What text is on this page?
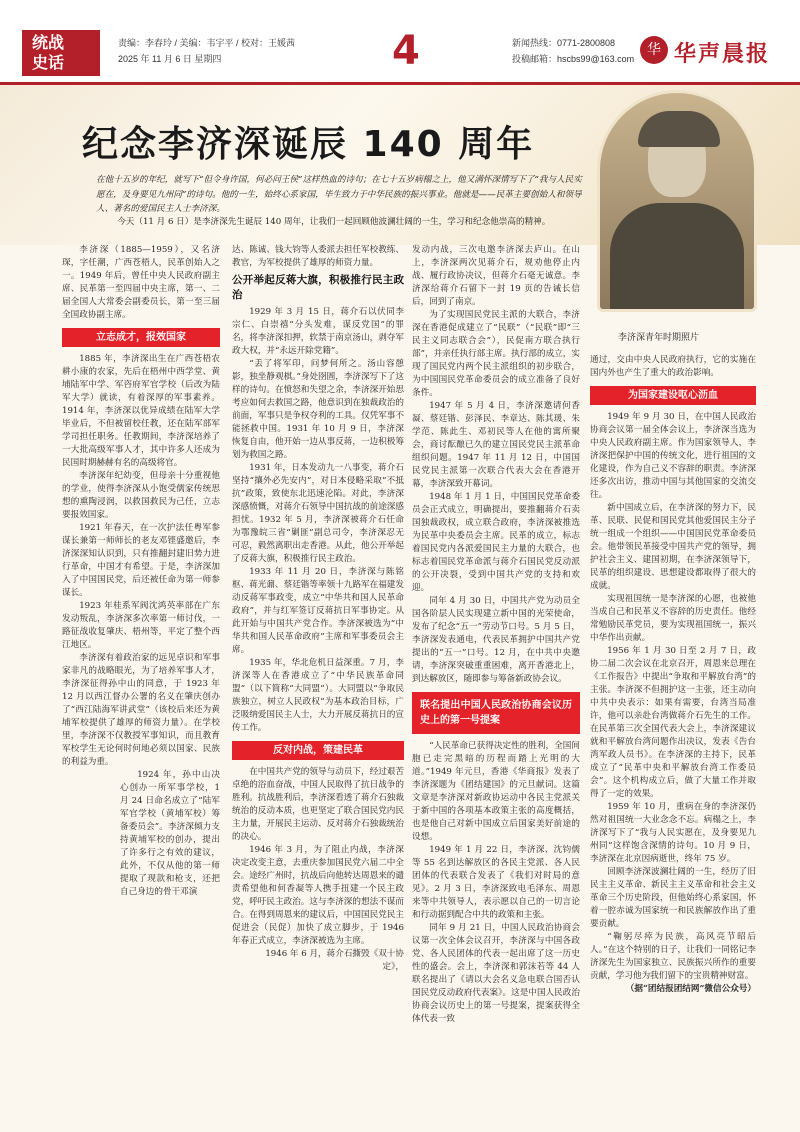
统战
史话
责编：李春玲 / 美编：韦宇平 / 校对：王媛茜
2025 年 11 月 6 日 星期四	4	新闻热线：0771-2800808
投稿邮箱：hscbs99@163.com
华 华声晨报
纪念李济深诞辰 140 周年
在他十五岁的年纪，就写下“但令身许国，何必问王侯”这样热血的诗句；在七十五岁病榻之上，他又满怀深情写下了“我与人民实愿在，及身要见九州同”的诗句。他的一生，始终心系家国，毕生致力于中华民族的振兴事业。他就是——民革主要创始人和领导人、著名的爱国民主人士李济深。
今天（11 月 6 日）是李济深先生诞辰 140 周年，让我们一起回顾他波澜壮阔的一生，学习和纪念他崇高的精神。
李济深青年时期照片

李济深（1885—1959），又名济琛，字任潮，广西苍梧人，民革创始人之一。1949 年后，曾任中央人民政府副主席、民革第一至四届中央主席，第一、二届全国人大常委会副委员长，第一至三届全国政协副主席。

立志成才，报效国家

1885 年，李济深出生在广西苍梧农耕小康的农家，先后在梧州中西学堂、黄埔陆军中学、军咨府军官学校（后改为陆军大学）就读，有着深厚的军事素养。1914 年，李济深以优异成绩在陆军大学毕业后，不但被留校任教，还在陆军部军学司担任职务。任教期间，李济深培养了一大批高级军事人才，其中许多人还成为民国时期赫赫有名的高级将官。

李济深年纪幼变，但母亲十分重视他的学业，使得李济深从小饱受儒家传统思想的熏陶浸润，以救国救民为己任，立志要报效国家。

1921 年春天，在一次护法任粤军参谋长兼第一师师长的老友邓铿盛邀后，李济深深知认识到，只有推翻封建旧势力进行革命，中国才有希望。于是，李济深加入了中国国民党，后还被任命为第一师参谋长。

1923 年桂系军阀沈鸿英率部在广东发动叛乱，李济深多次率第一师讨伐，一路征战收复肇庆、梧州等，平定了整个西江地区。

李济深有着政治家的远见卓识和军事家非凡的战略眼光，为了培养军事人才，李济深征得孙中山的同意，于 1923 年 12 月以西江督办公署的名义在肇庆创办了“西江陆海军讲武堂”（该校后来还为黄埔军校提供了雄厚的师资力量）。在学校里，李济深不仅教授军事知识，而且教育军校学生无论何时何地必须以国家、民族的利益为重。

1924 年，孙中山决心创办一所军事学校，1 月 24 日命名成立了“陆军军官学校（黄埔军校）筹备委员会”。李济深倾力支持黄埔军校的创办，提出了许多行之有效的建议，此外，不仅从他的第一师提取了现款和枪支，还把自己身边的骨干邓演

达、陈诚、钱大钧等人委派去担任军校教练、教官，为军校提供了雄厚的师资力量。

公开举起反蒋大旗，积极推行民主政治

1929 年 3 月 15 日，蒋介石以伏同李宗仁、白崇禧“分头发难，谋反党国”的罪名，将李济深扣押，软禁于南京汤山，剥夺军政大权，并“永远开除党籍”。

“丢了将军印，问梦何所之。汤山容憩影，独坐静观棋。”身处囹圄，李济深写下了这样的诗句。在愤怒和失望之余，李济深开始思考应如何去救国之路，他意识到在独裁政治的前面，军事只是争权夺利的工具。仅凭军事不能拯救中国。1931 年 10 月 9 日，李济深恢复自由，他开始一边从事反蒋，一边积极筹划为救国之路。

1931 年，日本发动九一八事变，蒋介石坚持“攘外必先安内”，对日本侵略采取“不抵抗”政策，致使东北迅速沦陷。对此，李济深深感愤慨，对蒋介石领导中国抗战的前途深感担忧。1932 年 5 月，李济深被蒋介石任命为鄂豫皖三省“剿匪”副总司令，李济深忍无可忍，毅然离职出走香港。从此，他公开举起了反蒋大旗，积极推行民主政治。

1933 年 11 月 20 日，李济深与陈铭枢、蒋光鼐、蔡廷锴等率领十九路军在福建发动反蒋军事政变，成立“中华共和国人民革命政府”，并与红军签订反蒋抗日军事协定。从此开始与中国共产党合作。李济深被选为“中华共和国人民革命政府”主席和军事委员会主席。

1935 年，华北危机日益深重。7 月，李济深等人在香港成立了“中华民族革命同盟”（以下简称“大同盟”）。大同盟以“争取民族独立，树立人民政权”为基本政治目标，广泛吸纳爱国民主人士，大力开展反蒋抗日的宣传工作。

反对内战，策建民革

在中国共产党的领导与动员下，经过艰苦卓绝的浴血奋战，中国人民取得了抗日战争的胜利。抗战胜利后，李济深看透了蒋介石独裁统治的反动本质，也更坚定了联合国民党内民主力量，开展民主运动、反对蒋介石独裁统治的决心。

1946 年 3 月，为了阻止内战，李济深决定改变主意，去重庆参加国民党六届二中全会。途经广州时，抗战后向他转达周恩来的谴责希望他和何香凝等人携手扭建一个民主政党，呼吁民主政治。这与李济深的想法不谋而合。在得到周恩来的建议后，中国国民党民主促进会（民促）加快了成立脚步，于 1946 年春正式成立，李济深被选为主席。

1946 年 6 月，蒋介石撕毁《双十协定》，

发动内战，三次电邀李济深去庐山。在山上，李济深两次见蒋介石，规劝他停止内战、履行政协决议，但蒋介石毫无诚意。李济深给蒋介石留下一封 19 页的告诫长信后，回到了南京。

为了实现国民党民主派的大联合，李济深在香港促成建立了“民联”（“民联”即“三民主义同志联合会”），民促南方联合执行部”，并亲任执行部主席。执行部的成立，实现了国民党内两个民主派组织的初步联合，为中国国民党革命委员会的成立准备了良好条件。

1947 年 5 月 4 日，李济深邀请何香凝、蔡廷锴、彭泽民、李章达、陈其瑗、朱学范、陈此生、邓初民等人在他的寓所聚会，商讨酝酿已久的建立国民党民主派革命组织问题。1947 年 11 月 12 日，中国国民党民主派第一次联合代表大会在香港开幕，李济深致开幕词。

1948 年 1 月 1 日，中国国民党革命委员会正式成立，明确提出，要推翻蒋介石卖国独裁政权，成立联合政府，李济深被推选为民革中央委员会主席。民革的成立，标志着国民党内各派爱国民主力量的大联合，也标志着国民党革命派与蒋介石国民党反动派的公开决裂，受到中国共产党的支持和欢迎。

同年 4 月 30 日，中国共产党为动员全国各阶层人民实现建立新中国的光荣使命，发布了纪念“五一”劳动节口号。5 月 5 日，李济深发表通电，代表民革拥护中国共产党提出的“五一”口号。12 月，在中共中央邀请，李济深突破重重困难，离开香港北上，到达解放区，随即参与筹备新政协会议。

联名提出中国人民政治协商会议历史上的第一号提案

“人民革命已获得决定性的胜利，全国间胞已走完黑暗的历程而踏上光明的大道。”1949 年元旦，香港《华商报》发表了李济深题为《团结建国》的元旦献词。这篇文章是李济深对新政协运动中各民主党派关于新中国的各项基本政策主张的高度概括，也是他自己对新中国成立后国家美好前途的设想。

1949 年 1 月 22 日，李济深、沈钧儒等 55 名到达解放区的各民主党派、各人民团体的代表联合发表了《我们对时局的意见》。2 月 3 日，李济深致电毛泽东、周恩来等中共领导人，表示愿以自己的一切言论和行动据到配合中共的政策和主张。

同年 9 月 21 日，中国人民政治协商会议第一次全体会议召开，李济深与中国各政党、各人民团体的代表一起出席了这一历史性的盛会。会上，李济深和郭沫若等 44 人联名提出了《请以大会名义急电联合国否认国民党反动政府代表案》。这是中国人民政治协商会议历史上的第一号提案，提案获得全体代表一致

通过，交由中央人民政府执行，它的实施在国内外也产生了重大的政治影响。

为国家建设呕心沥血

1949 年 9 月 30 日，在中国人民政治协商会议第一届全体会议上，李济深当选为中央人民政府副主席。作为国家领导人，李济深把保护中国的传统文化，进行祖国的文化建设，作为自己义不容辞的职责。李济深还多次出访，推动中国与其他国家的交流交往。

新中国成立后，在李济深的努力下，民革、民联、民促和国民党其他爱国民主分子统一组成一个组织——中国国民党革命委员会。他带领民革接受中国共产党的领导，拥护社会主义、建国初期，在李济深领导下，民革的组织建设、思想建设都取得了很大的成就。

实现祖国统一是李济深的心愿，也被他当成自己和民革义不容辞的历史责任。他经常勉励民革党员，要为实现祖国统一，振兴中华作出贡献。

1956 年 1 月 30 日至 2 月 7 日，政协二届二次会议在北京召开，周恩来总理在《工作报告》中提出“争取和平解放台湾”的主张。李济深不但拥护这一主张，还主动向中共中央表示：如果有需要，台湾当局准许，他可以亲赴台湾做蒋介石先生的工作。在民革第三次全国代表大会上，李济深建议就和平解放台湾问题作出决议，发表《告台湾军政人员书》。在李济深的主持下，民革成立了“民革中央和平解放台湾工作委员会”。这个机构成立后，做了大量工作并取得了一定的效果。

1959 年 10 月，重病在身的李济深仍然对祖国统一大业念念不忘。病榻之上，李济深写下了“我与人民实愿在，及身要见九州同”这样饱含深情的诗句。10 月 9 日，李济深在北京因病逝世，终年 75 岁。

回顾李济深波澜壮阔的一生，经历了旧民主主义革命、新民主主义革命和社会主义革命三个历史阶段，但他始终心系家国，怀着一腔赤诚为国家统一和民族解放作出了重要贡献。

“鞠躬尽瘁为民族，高风亮节昭后人。”在这个特别的日子，让我们一同铭记李济深先生为国家独立、民族振兴所作的重要贡献，学习他为我们留下的宝贵精神财富。

（据“团结报团结网”微信公众号）
